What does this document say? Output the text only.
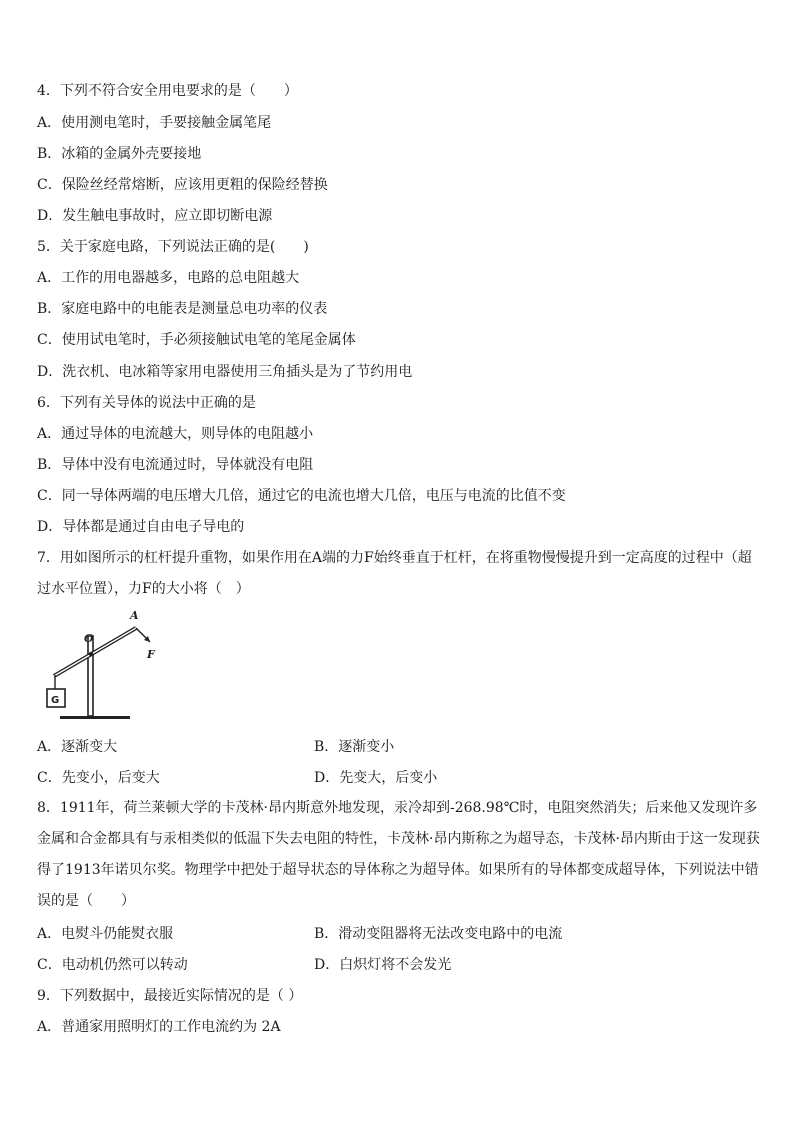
4．下列不符合安全用电要求的是（　　）
A．使用测电笔时，手要接触金属笔尾
B．冰箱的金属外壳要接地
C．保险丝经常熔断，应该用更粗的保险经替换
D．发生触电事故时，应立即切断电源
5．关于家庭电路，下列说法正确的是(　　)
A．工作的用电器越多，电路的总电阻越大
B．家庭电路中的电能表是测量总电功率的仪表
C．使用试电笔时，手必须接触试电笔的笔尾金属体
D．洗衣机、电冰箱等家用电器使用三角插头是为了节约用电
6．下列有关导体的说法中正确的是
A．通过导体的电流越大，则导体的电阻越小
B．导体中没有电流通过时，导体就没有电阻
C．同一导体两端的电压增大几倍，通过它的电流也增大几倍，电压与电流的比值不变
D．导体都是通过自由电子导电的
7．用如图所示的杠杆提升重物，如果作用在A端的力F始终垂直于杠杆，在将重物慢慢提升到一定高度的过程中（超过水平位置），力F的大小将（　）
O
A
F
G
A．逐渐变大	B．逐渐变小
C．先变小，后变大	D．先变大，后变小
8．1911年，荷兰莱顿大学的卡茂林·昂内斯意外地发现，汞冷却到-268.98℃时，电阻突然消失；后来他又发现许多金属和合金都具有与汞相类似的低温下失去电阻的特性，卡茂林·昂内斯称之为超导态，卡茂林·昂内斯由于这一发现获得了1913年诺贝尔奖。物理学中把处于超导状态的导体称之为超导体。如果所有的导体都变成超导体，下列说法中错误的是（　　）
A．电熨斗仍能熨衣服	B．滑动变阻器将无法改变电路中的电流
C．电动机仍然可以转动	D．白炽灯将不会发光
9．下列数据中，最接近实际情况的是（ ）
A．普通家用照明灯的工作电流约为 2A
